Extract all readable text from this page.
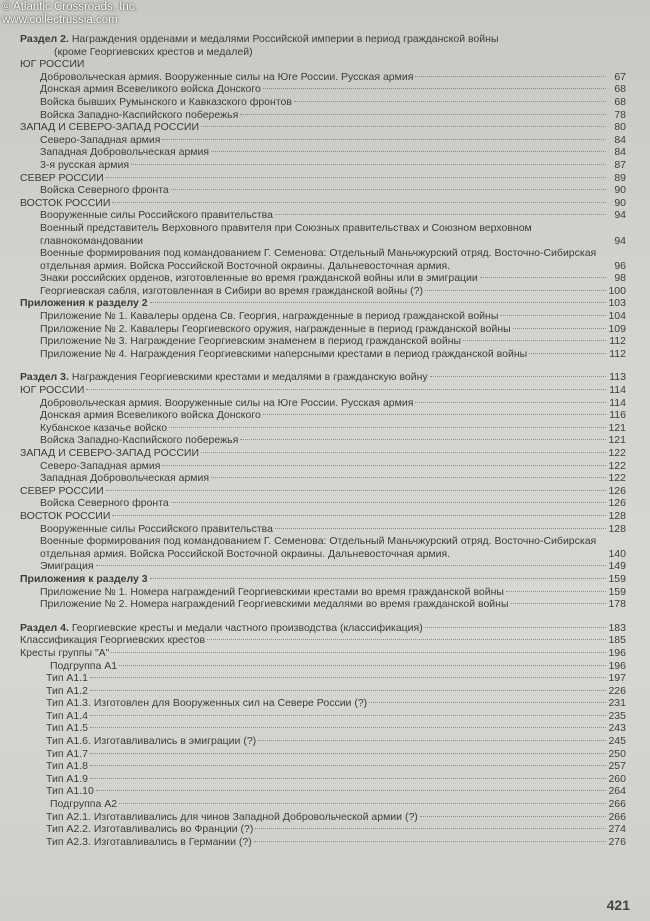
© Atlantic Crossroads, Inc.
www.collectrussia.com
Раздел 2. Награждения орденами и медалями Российской империи в период гражданской войны
(кроме Георгиевских крестов и медалей)
ЮГ РОССИИ
Добровольческая армия. Вооруженные силы на Юге России. Русская армия	67
Донская армия Всевеликого войска Донского	68
Войска бывших Румынского и Кавказского фронтов	68
Войска Западно-Каспийского побережья	78
ЗАПАД И СЕВЕРО-ЗАПАД РОССИИ	80
Северо-Западная армия	84
Западная Добровольческая армия	84
3-я русская армия	87
СЕВЕР РОССИИ	89
Войска Северного фронта	90
ВОСТОК РОССИИ	90
Вооруженные силы Российского правительства	94
Военный представитель Верховного правителя при Союзных правительствах и Союзном верховном главнокомандовании	94
Военные формирования под командованием Г. Семенова: Отдельный Маньчжурский отряд. Восточно-Сибирская отдельная армия. Войска Российской Восточной окраины. Дальневосточная армия.	96
Знаки российских орденов, изготовленные во время гражданской войны или в эмиграции	98
Георгиевская сабля, изготовленная в Сибири во время гражданской войны (?)	100
Приложения к разделу 2	103
Приложение № 1. Кавалеры ордена Св. Георгия, награжденные в период гражданской войны	104
Приложение № 2. Кавалеры Георгиевского оружия, награжденные в период гражданской войны	109
Приложение № 3. Награждение Георгиевским знаменем в период гражданской войны	112
Приложение № 4. Награждения Георгиевскими наперсными крестами в период гражданской войны	112
Раздел 3. Награждения Георгиевскими крестами и медалями в гражданскую войну	113
ЮГ РОССИИ	114
Добровольческая армия. Вооруженные силы на Юге России. Русская армия	114
Донская армия Всевеликого войска Донского	116
Кубанское казачье войско	121
Войска Западно-Каспийского побережья	121
ЗАПАД И СЕВЕРО-ЗАПАД РОССИИ	122
Северо-Западная армия	122
Западная Добровольческая армия	122
СЕВЕР РОССИИ	126
Войска Северного фронта	126
ВОСТОК РОССИИ	128
Вооруженные силы Российского правительства	128
Военные формирования под командованием Г. Семенова: Отдельный Маньчжурский отряд. Восточно-Сибирская отдельная армия. Войска Российской Восточной окраины. Дальневосточная армия.	140
Эмиграция	149
Приложения к разделу 3	159
Приложение № 1. Номера награждений Георгиевскими крестами во время гражданской войны	159
Приложение № 2. Номера награждений Георгиевскими медалями во время гражданской войны	178
Раздел 4. Георгиевские кресты и медали частного производства (классификация)	183
Классификация Георгиевских крестов	185
Кресты группы "А"	196
Подгруппа А1	196
Тип А1.1	197
Тип А1.2	226
Тип А1.3. Изготовлен для Вооруженных сил на Севере России (?)	231
Тип А1.4	235
Тип А1.5	243
Тип А1.6. Изготавливались в эмиграции (?)	245
Тип А1.7	250
Тип А1.8	257
Тип А1.9	260
Тип А1.10	264
Подгруппа А2	266
Тип А2.1. Изготавливались для чинов Западной Добровольческой армии (?)	266
Тип А2.2. Изготавливались во Франции (?)	274
Тип А2.3. Изготавливались в Германии (?)	276
421
